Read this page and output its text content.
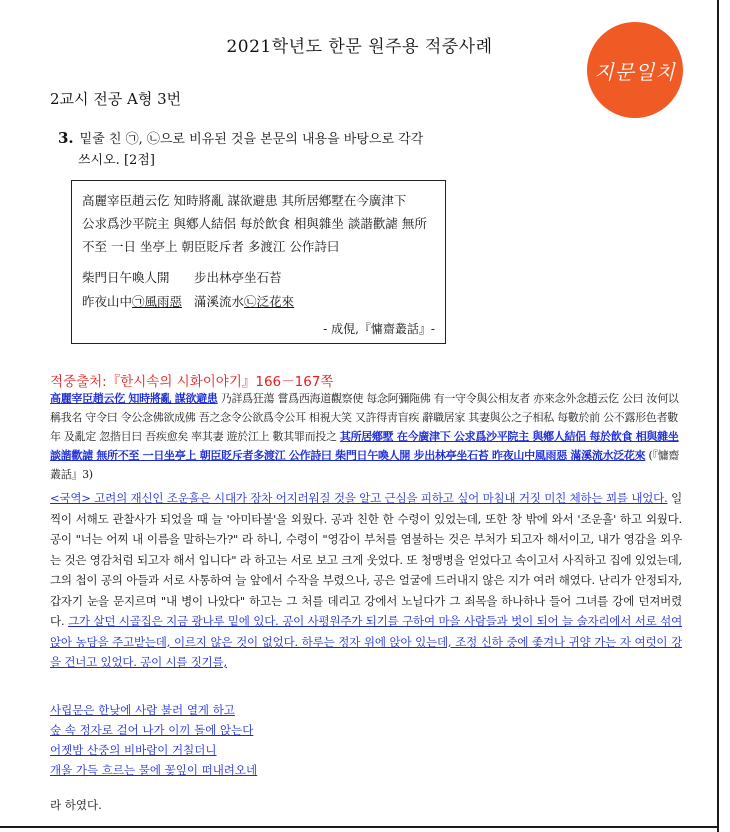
2021학년도 한문 원주용 적중사례
지문일치
2교시 전공 A형 3번
3. 밑줄 친 ㉠, ㉡으로 비유된 것을 본문의 내용을 바탕으로 각각
쓰시오. [2점]
高麗宰臣趙云仡 知時將亂 謀欲避患 其所居鄕墅在今廣津下
公求爲沙平院主 與鄕人結侶 每於飮食 相與雜坐 談諧歡謔 無所
不至 一日 坐亭上 朝臣貶斥者 多渡江 公作詩曰
柴門日午喚人開	步出林亭坐石苔
昨夜山中㉠風雨惡 滿溪流水㉡泛花來
- 成俔,『慵齋叢話』-
적중출처:『한시속의 시화이야기』166－167쪽
高麗宰臣趙云仡 知時將亂 謀欲避患 乃詳爲狂蕩 嘗爲西海道觀察使 每念阿彌陁佛 有一守令與公相友者 亦來念外念趙云仡 公曰 汝何以稱我名 守令曰 令公念佛欲成佛 吾之念令公欲爲令公耳 相視大笑 又許得靑盲疾 辭職居家 其妻與公之子相私 每數於前 公不露形色者數年 及亂定 忽揩目曰 吾疾愈矣 率其妻 遊於江上 數其罪而投之 其所居鄕墅 在今廣津下 公求爲沙平院主 與鄕人結侶 每於飮食 相與雜坐 談諧歡謔 無所不至 一日坐亭上 朝臣貶斥者多渡江 公作詩曰 柴門日午喚人開 步出林亭坐石苔 昨夜山中風雨惡 滿溪流水泛花來 (『慵齋叢話』3)
<국역> 고려의 재신인 조운흘은 시대가 장차 어지러워질 것을 알고 근심을 피하고 싶어 마침내 거짓 미친 체하는 꾀를 내었다. 일찍이 서해도 관찰사가 되었을 때 늘 '아미타불'을 외웠다. 공과 친한 한 수령이 있었는데, 또한 창 밖에 와서 '조운흘' 하고 외웠다. 공이 "너는 어찌 내 이름을 말하는가?" 라 하니, 수령이 "영감이 부처를 염불하는 것은 부처가 되고자 해서이고, 내가 영감을 외우는 것은 영감처럼 되고자 해서 입니다" 라 하고는 서로 보고 크게 웃었다. 또 청맹병을 얻었다고 속이고서 사직하고 집에 있었는데, 그의 첩이 공의 아들과 서로 사통하여 늘 앞에서 수작을 부렸으나, 공은 얼굴에 드러내지 않은 지가 여러 해였다. 난리가 안정되자, 갑자기 눈을 문지르며 "내 병이 나았다" 하고는 그 처를 데리고 강에서 노닐다가 그 죄목을 하나하나 들어 그녀를 강에 던져버렸다. 그가 살던 시골집은 지금 광나루 밑에 있다. 공이 사평원주가 되기를 구하여 마을 사람들과 벗이 되어 늘 술자리에서 서로 섞여 앉아 농담을 주고받는데, 이르지 않은 것이 없었다. 하루는 정자 위에 앉아 있는데, 조정 신하 중에 좇겨나 귀양 가는 자 여럿이 강을 건너고 있었다. 공이 시를 짓기를,
사립문은 한낮에 사람 불러 열게 하고
숲 속 정자로 걸어 나가 이끼 돌에 앉는다
어젯밤 산중의 비바람이 거칠더니
개울 가득 흐르는 물에 꽃잎이 떠내려오네
라 하였다.
